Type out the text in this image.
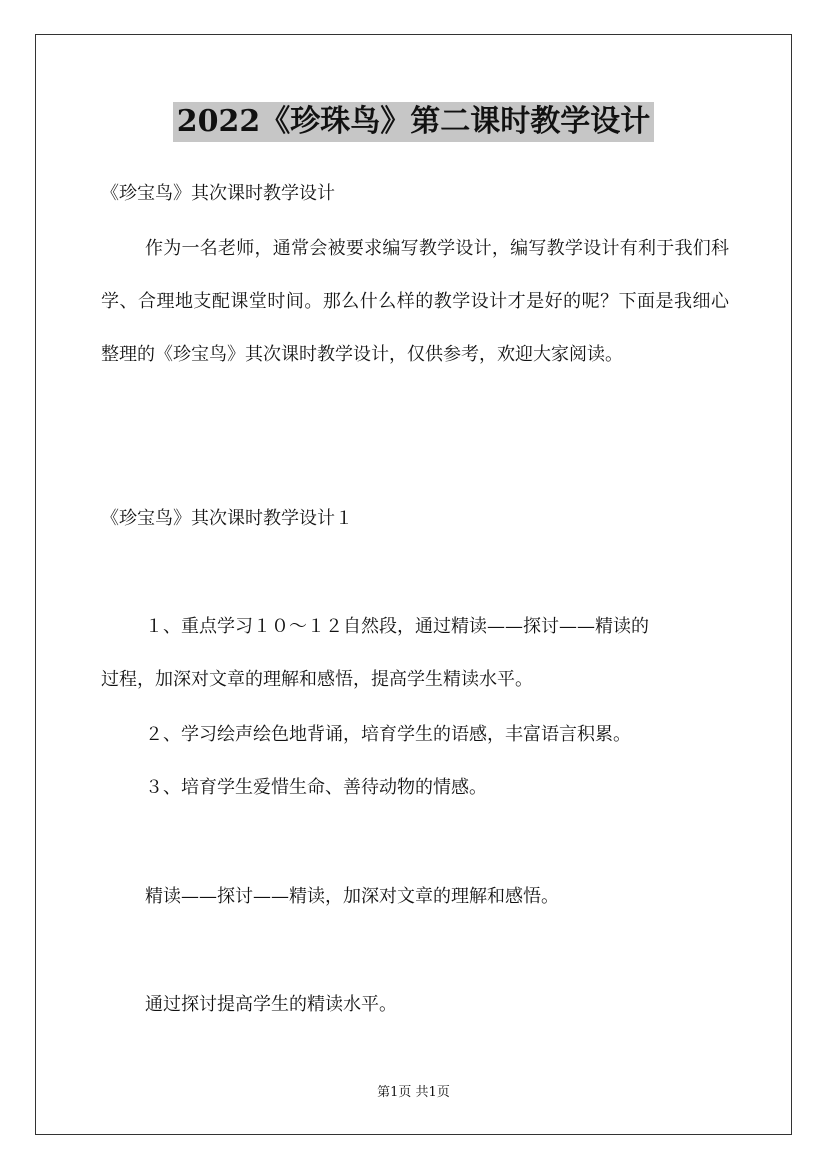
2022《珍珠鸟》第二课时教学设计
《珍宝鸟》其次课时教学设计
作为一名老师，通常会被要求编写教学设计，编写教学设计有利于我们科学、合理地支配课堂时间。那么什么样的教学设计才是好的呢？下面是我细心整理的《珍宝鸟》其次课时教学设计，仅供参考，欢迎大家阅读。
《珍宝鸟》其次课时教学设计１
１、重点学习１０～１２自然段，通过精读——探讨——精读的
过程，加深对文章的理解和感悟，提高学生精读水平。
２、学习绘声绘色地背诵，培育学生的语感，丰富语言积累。
３、培育学生爱惜生命、善待动物的情感。
精读——探讨——精读，加深对文章的理解和感悟。
通过探讨提高学生的精读水平。
第1页 共1页
